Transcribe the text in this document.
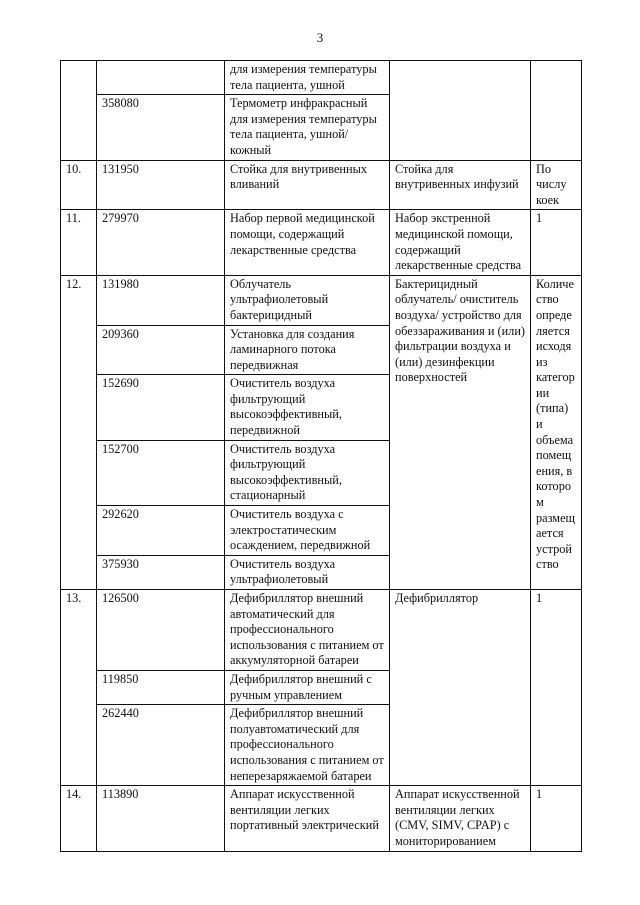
3
		для измерения температуры тела пациента, ушной		
	358080	Термометр инфракрасный для измерения температуры тела пациента, ушной/кожный		
10.	131950	Стойка для внутривенных вливаний	Стойка для внутривенных инфузий	По числу коек
11.	279970	Набор первой медицинской помощи, содержащий лекарственные средства	Набор экстренной медицинской помощи, содержащий лекарственные средства	1
12.	131980	Облучатель ультрафиолетовый бактерицидный	Бактерицидный облучатель/ очиститель воздуха/ устройство для обеззараживания и (или) фильтрации воздуха и (или) дезинфекции поверхностей	Количество определяется исходя из категории (типа) и объема помещения, в котором размещается устройство
	209360	Установка для создания ламинарного потока передвижная		
	152690	Очиститель воздуха фильтрующий высокоэффективный, передвижной		
	152700	Очиститель воздуха фильтрующий высокоэффективный, стационарный		
	292620	Очиститель воздуха с электростатическим осаждением, передвижной		
	375930	Очиститель воздуха ультрафиолетовый		
13.	126500	Дефибриллятор внешний автоматический для профессионального использования с питанием от аккумуляторной батареи	Дефибриллятор	1
	119850	Дефибриллятор внешний с ручным управлением		
	262440	Дефибриллятор внешний полуавтоматический для профессионального использования с питанием от неперезаряжаемой батареи		
14.	113890	Аппарат искусственной вентиляции легких портативный электрический	Аппарат искусственной вентиляции легких (CMV, SIMV, CPAP) с мониторированием	1
